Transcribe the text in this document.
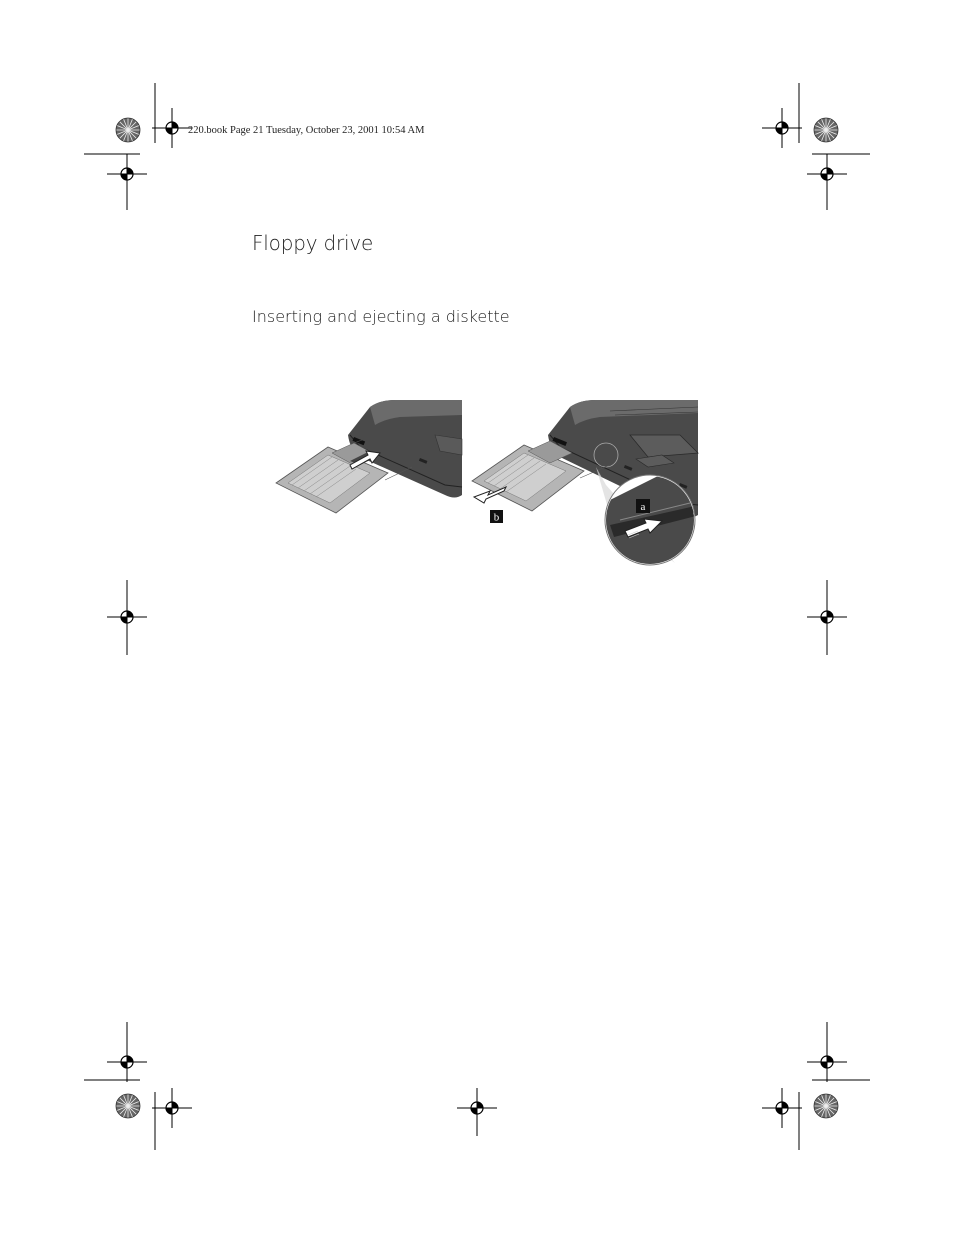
220.book Page 21 Tuesday, October 23, 2001 10:54 AM
Floppy drive
Inserting and ejecting a diskette
a
b
